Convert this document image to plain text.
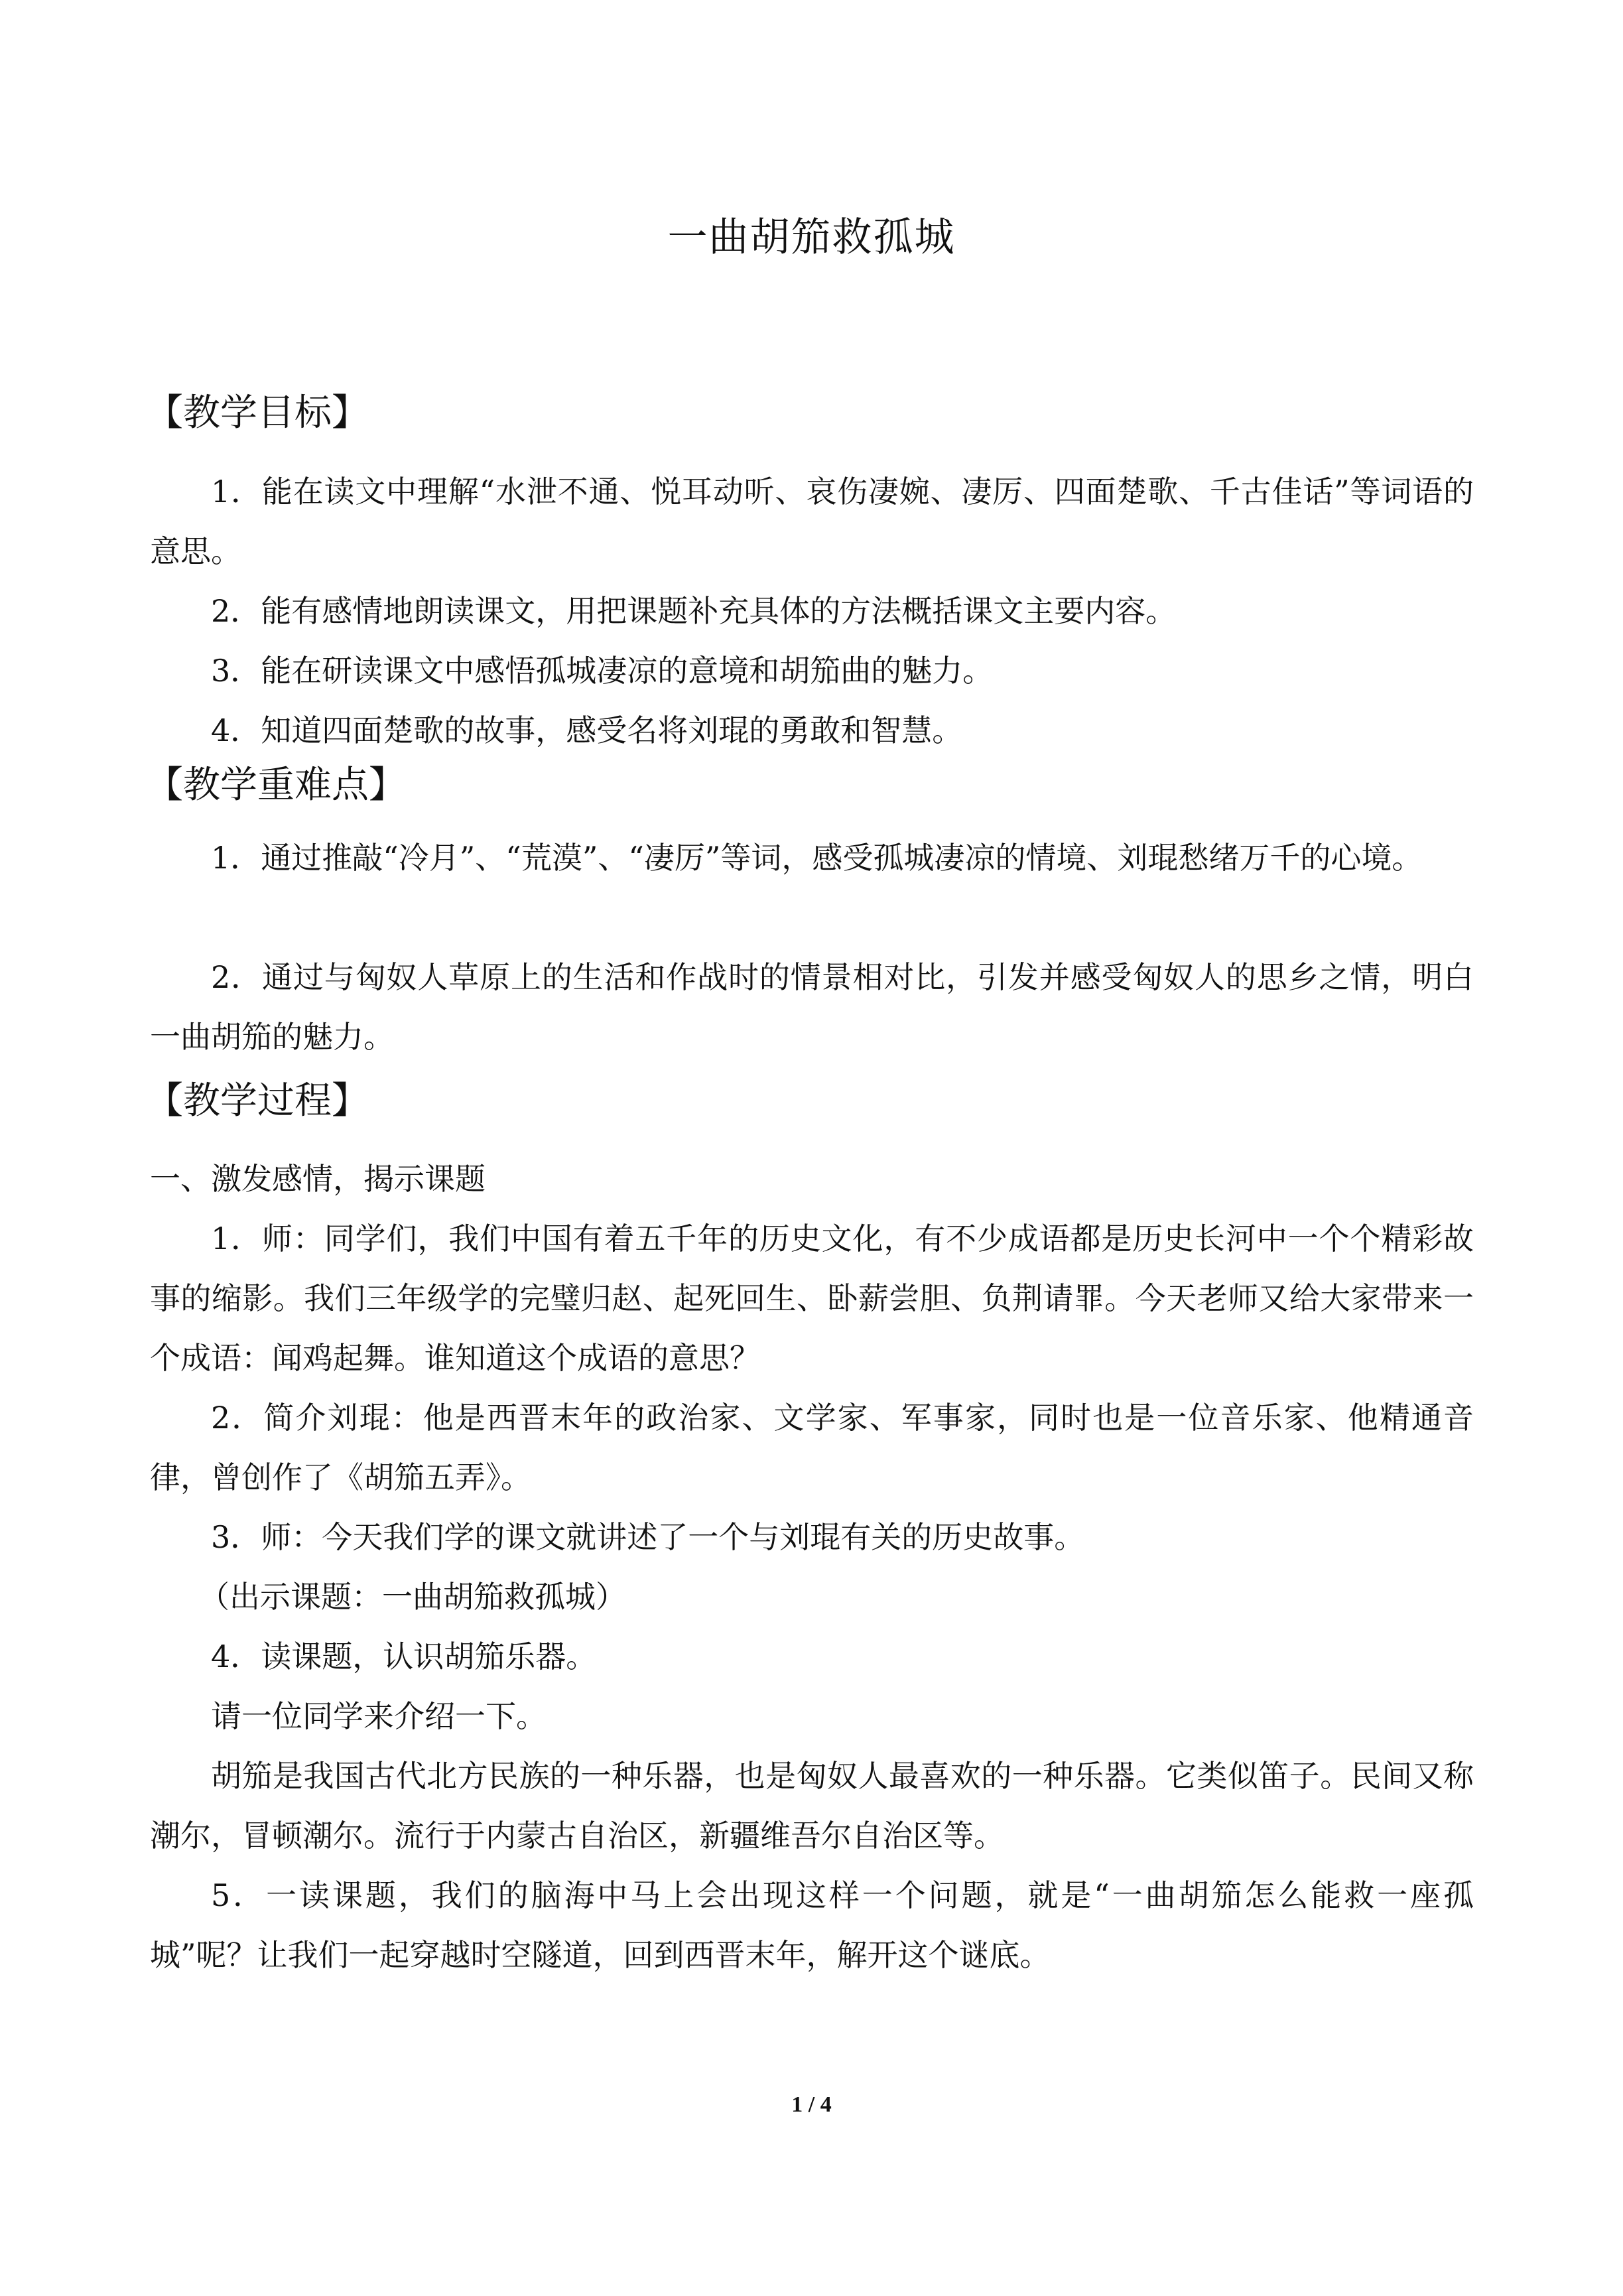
一曲胡笳救孤城
【教学目标】

1．能在读文中理解“水泄不通、悦耳动听、哀伤凄婉、凄厉、四面楚歌、千古佳话”等词语的意思。

2．能有感情地朗读课文，用把课题补充具体的方法概括课文主要内容。

3．能在研读课文中感悟孤城凄凉的意境和胡笳曲的魅力。

4．知道四面楚歌的故事，感受名将刘琨的勇敢和智慧。

【教学重难点】

1．通过推敲“冷月”、“荒漠”、“凄厉”等词，感受孤城凄凉的情境、刘琨愁绪万千的心境。

2．通过与匈奴人草原上的生活和作战时的情景相对比，引发并感受匈奴人的思乡之情，明白一曲胡笳的魅力。

【教学过程】

一、激发感情，揭示课题

1．师：同学们，我们中国有着五千年的历史文化，有不少成语都是历史长河中一个个精彩故事的缩影。我们三年级学的完璧归赵、起死回生、卧薪尝胆、负荆请罪。今天老师又给大家带来一个成语：闻鸡起舞。谁知道这个成语的意思？

2．简介刘琨：他是西晋末年的政治家、文学家、军事家，同时也是一位音乐家、他精通音律，曾创作了《胡笳五弄》。

3．师：今天我们学的课文就讲述了一个与刘琨有关的历史故事。

（出示课题：一曲胡笳救孤城）

4．读课题，认识胡笳乐器。

请一位同学来介绍一下。

胡笳是我国古代北方民族的一种乐器，也是匈奴人最喜欢的一种乐器。它类似笛子。民间又称潮尔，冒顿潮尔。流行于内蒙古自治区，新疆维吾尔自治区等。

5．一读课题，我们的脑海中马上会出现这样一个问题，就是“一曲胡笳怎么能救一座孤城”呢？让我们一起穿越时空隧道，回到西晋末年，解开这个谜底。

1 / 4
